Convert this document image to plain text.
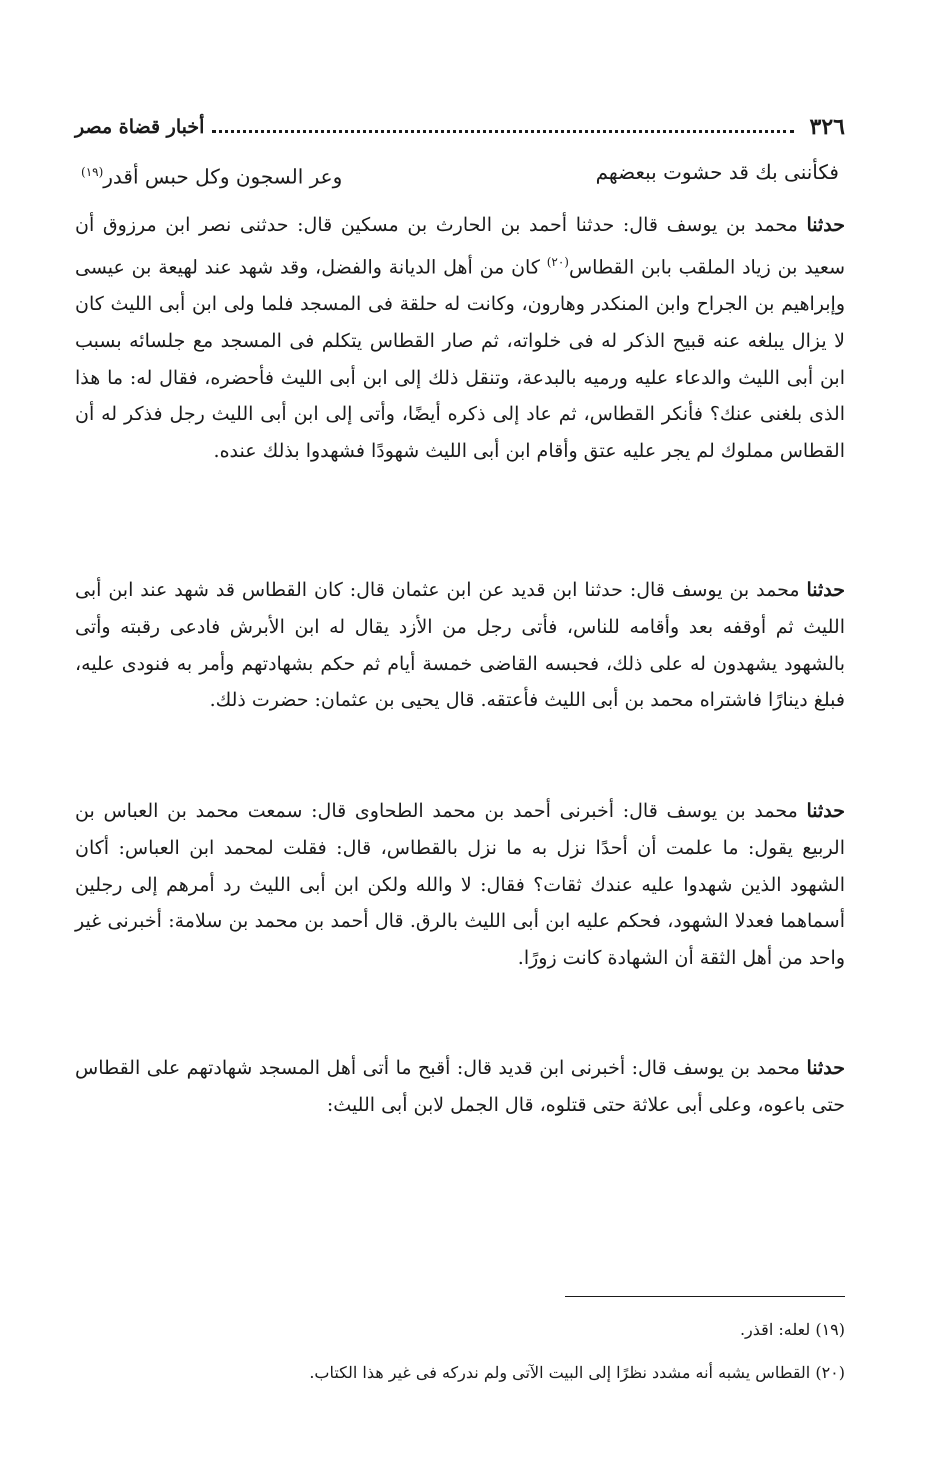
٣٢٦
أخبار قضاة مصر
فكأننى بك قد حشوت ببعضهم
وعر السجون وكل حبس أقدر$^{(١٩)}$

حدثنا محمد بن يوسف قال: حدثنا أحمد بن الحارث بن مسكين قال: حدثنى نصر ابن مرزوق أن سعيد بن زياد الملقب بابن القطاس$^{(٢٠)}$ كان من أهل الديانة والفضل، وقد شهد عند لهيعة بن عيسى وإبراهيم بن الجراح وابن المنكدر وهارون، وكانت له حلقة فى المسجد فلما ولى ابن أبى الليث كان لا يزال يبلغه عنه قبيح الذكر له فى خلواته، ثم صار القطاس يتكلم فى المسجد مع جلسائه بسبب ابن أبى الليث والدعاء عليه ورميه بالبدعة، وتنقل ذلك إلى ابن أبى الليث فأحضره، فقال له: ما هذا الذى بلغنى عنك؟ فأنكر القطاس، ثم عاد إلى ذكره أيضًا، وأتى إلى ابن أبى الليث رجل فذكر له أن القطاس مملوك لم يجر عليه عتق وأقام ابن أبى الليث شهودًا فشهدوا بذلك عنده.

حدثنا محمد بن يوسف قال: حدثنا ابن قديد عن ابن عثمان قال: كان القطاس قد شهد عند ابن أبى الليث ثم أوقفه بعد وأقامه للناس، فأتى رجل من الأزد يقال له ابن الأبرش فادعى رقبته وأتى بالشهود يشهدون له على ذلك، فحبسه القاضى خمسة أيام ثم حكم بشهادتهم وأمر به فنودى عليه، فبلغ دينارًا فاشتراه محمد بن أبى الليث فأعتقه. قال يحيى بن عثمان: حضرت ذلك.

حدثنا محمد بن يوسف قال: أخبرنى أحمد بن محمد الطحاوى قال: سمعت محمد بن العباس بن الربيع يقول: ما علمت أن أحدًا نزل به ما نزل بالقطاس، قال: فقلت لمحمد ابن العباس: أكان الشهود الذين شهدوا عليه عندك ثقات؟ فقال: لا والله ولكن ابن أبى الليث رد أمرهم إلى رجلين أسماهما فعدلا الشهود، فحكم عليه ابن أبى الليث بالرق. قال أحمد بن محمد بن سلامة: أخبرنى غير واحد من أهل الثقة أن الشهادة كانت زورًا.

حدثنا محمد بن يوسف قال: أخبرنى ابن قديد قال: أقبح ما أتى أهل المسجد شهادتهم على القطاس حتى باعوه، وعلى أبى علاثة حتى قتلوه، قال الجمل لابن أبى الليث:

(١٩) لعله: اقذر.
(٢٠) القطاس يشبه أنه مشدد نظرًا إلى البيت الآتى ولم ندركه فى غير هذا الكتاب.
